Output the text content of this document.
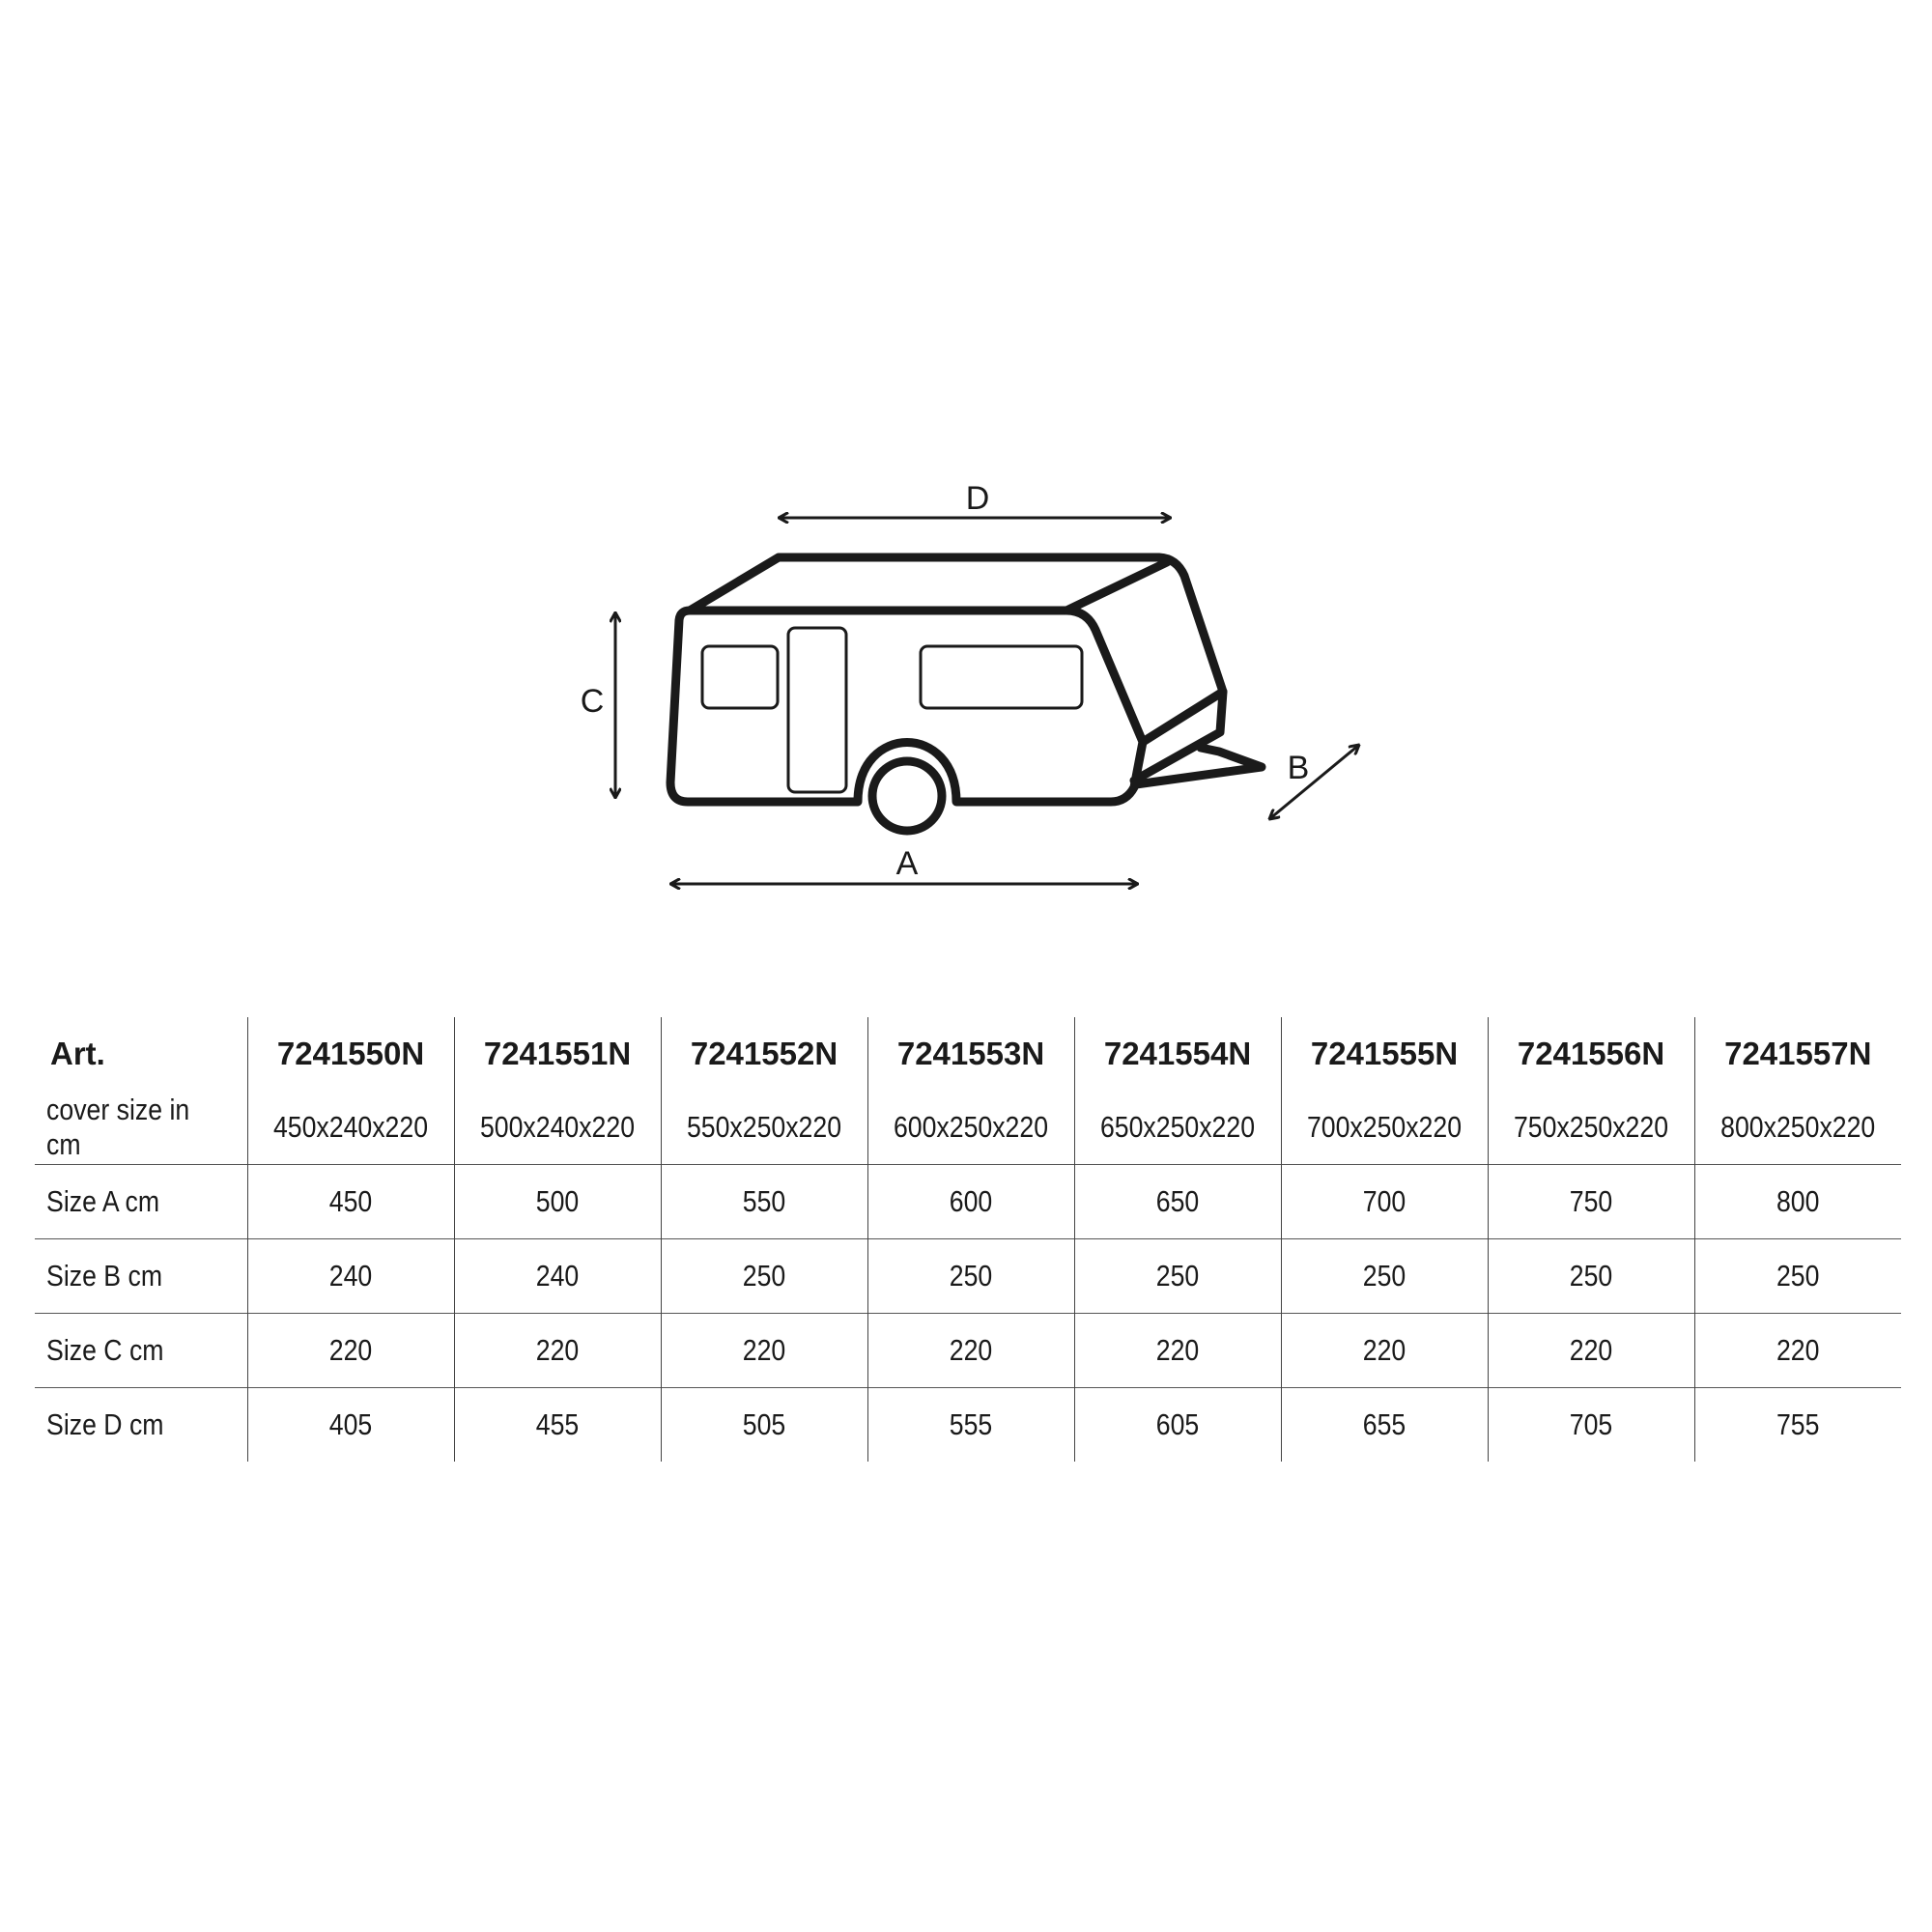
D
A
C
B
Art.	7241550N	7241551N	7241552N	7241553N	7241554N	7241555N	7241556N	7241557N
cover size in cm	450x240x220	500x240x220	550x250x220	600x250x220	650x250x220	700x250x220	750x250x220	800x250x220
Size A cm	450	500	550	600	650	700	750	800
Size B cm	240	240	250	250	250	250	250	250
Size C cm	220	220	220	220	220	220	220	220
Size D cm	405	455	505	555	605	655	705	755
